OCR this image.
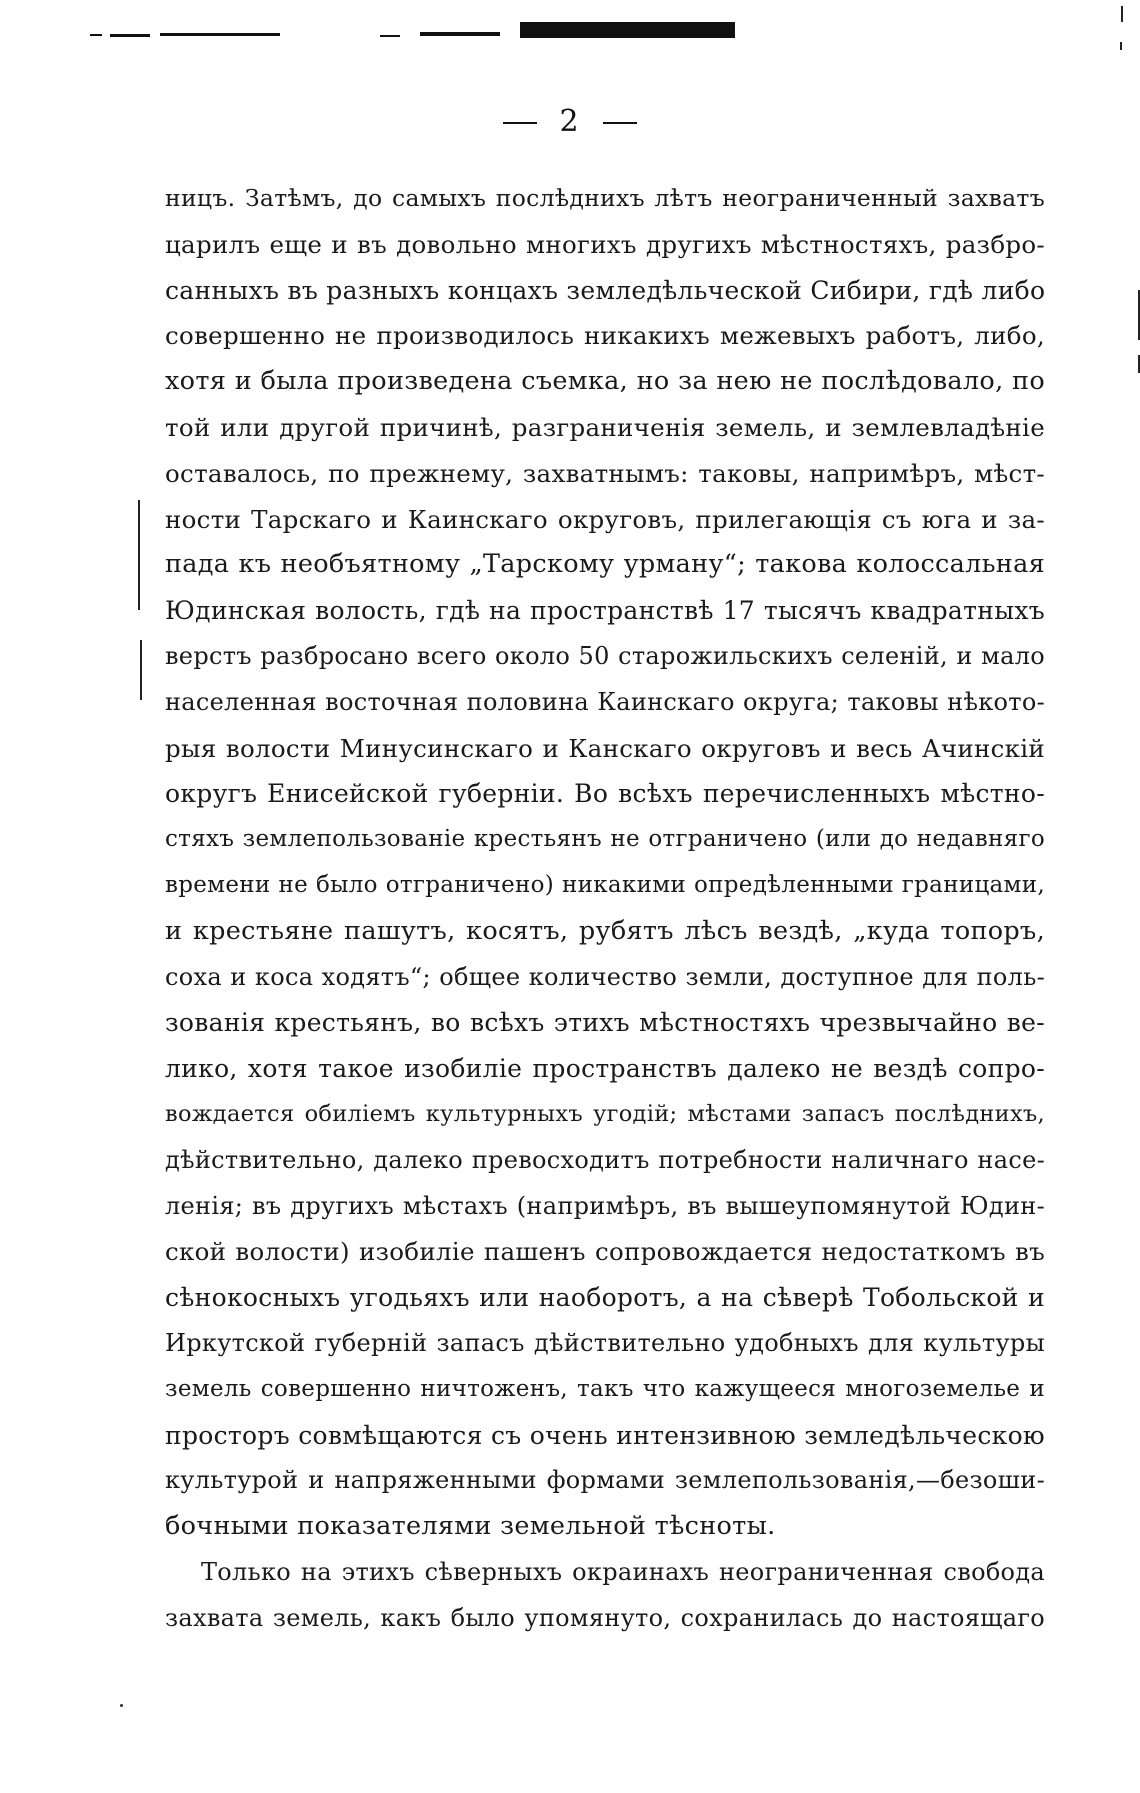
2
ницъ. Затѣмъ, до самыхъ послѣднихъ лѣтъ неограниченный захватъ
царилъ еще и въ довольно многихъ другихъ мѣстностяхъ, разбро-
санныхъ въ разныхъ концахъ земледѣльческой Сибири, гдѣ либо
совершенно не производилось никакихъ межевыхъ работъ, либо,
хотя и была произведена съемка, но за нею не послѣдовало, по
той или другой причинѣ, разграниченія земель, и землевладѣніе
оставалось, по прежнему, захватнымъ: таковы, напримѣръ, мѣст-
ности Тарскаго и Каинскаго округовъ, прилегающія съ юга и за-
пада къ необъятному „Тарскому урману“; такова колоссальная
Юдинская волость, гдѣ на пространствѣ 17 тысячъ квадратныхъ
верстъ разбросано всего около 50 старожильскихъ селеній, и мало
населенная восточная половина Каинскаго округа; таковы нѣкото-
рыя волости Минусинскаго и Канскаго округовъ и весь Ачинскій
округъ Енисейской губерніи. Во всѣхъ перечисленныхъ мѣстно-
стяхъ землепользованіе крестьянъ не отграничено (или до недавняго
времени не было отграничено) никакими опредѣленными границами,
и крестьяне пашутъ, косятъ, рубятъ лѣсъ вездѣ, „куда топоръ,
соха и коса ходятъ“; общее количество земли, доступное для поль-
зованія крестьянъ, во всѣхъ этихъ мѣстностяхъ чрезвычайно ве-
лико, хотя такое изобиліе пространствъ далеко не вездѣ сопро-
вождается обиліемъ культурныхъ угодій; мѣстами запасъ послѣднихъ,
дѣйствительно, далеко превосходитъ потребности наличнаго насе-
ленія; въ другихъ мѣстахъ (напримѣръ, въ вышеупомянутой Юдин-
ской волости) изобиліе пашенъ сопровождается недостаткомъ въ
сѣнокосныхъ угодьяхъ или наоборотъ, а на сѣверѣ Тобольской и
Иркутской губерній запасъ дѣйствительно удобныхъ для культуры
земель совершенно ничтоженъ, такъ что кажущееся многоземелье и
просторъ совмѣщаются съ очень интензивною земледѣльческою
культурой и напряженными формами землепользованія,—безоши-
бочными показателями земельной тѣсноты.
Только на этихъ сѣверныхъ окраинахъ неограниченная свобода
захвата земель, какъ было упомянуто, сохранилась до настоящаго
